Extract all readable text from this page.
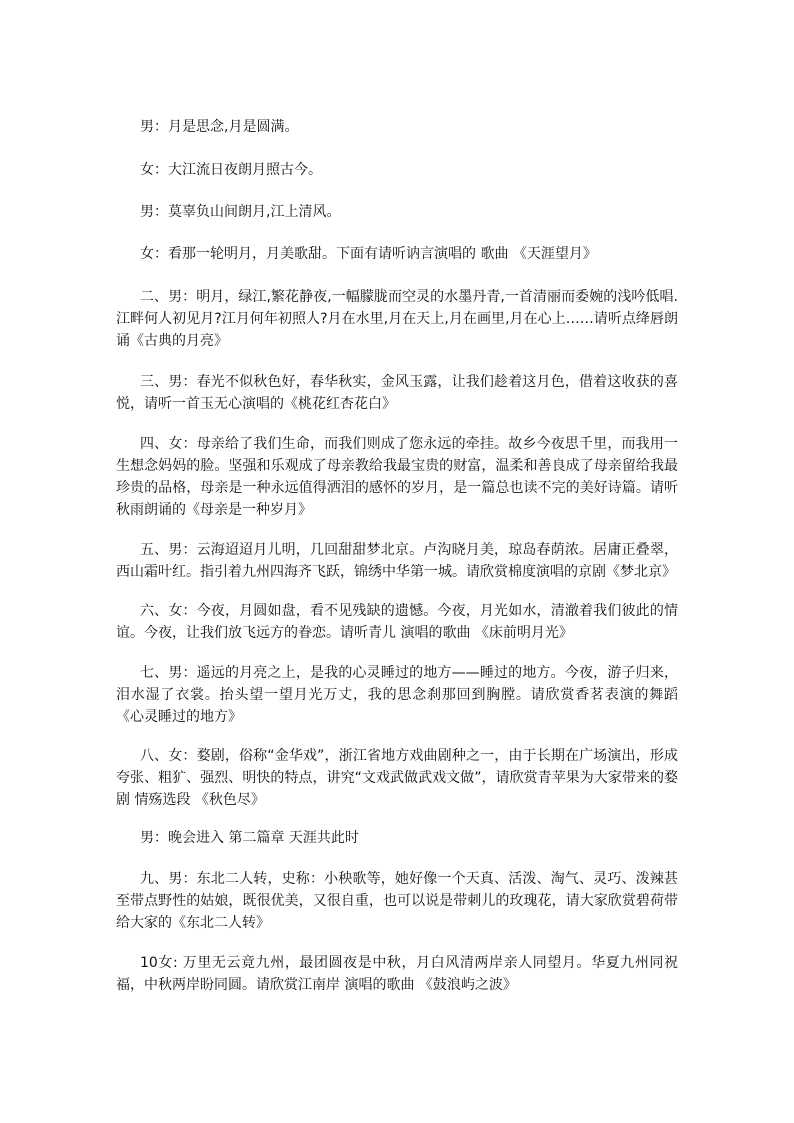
男：月是思念,月是圆满。

女：大江流日夜朗月照古今。

男：莫辜负山间朗月,江上清风。

女：看那一轮明月，月美歌甜。下面有请听讷言演唱的 歌曲 《天涯望月》

二、男：明月，绿江,繁花静夜,一幅朦胧而空灵的水墨丹青,一首清丽而委婉的浅吟低唱.江畔何人初见月?江月何年初照人?月在水里,月在天上,月在画里,月在心上……请听点绛唇朗诵《古典的月亮》

三、男：春光不似秋色好，春华秋实，金风玉露，让我们趁着这月色，借着这收获的喜悦，请听一首玉无心演唱的《桃花红杏花白》

四、女：母亲给了我们生命，而我们则成了您永远的牵挂。故乡今夜思千里，而我用一生想念妈妈的脸。坚强和乐观成了母亲教给我最宝贵的财富，温柔和善良成了母亲留给我最珍贵的品格，母亲是一种永远值得洒泪的感怀的岁月，是一篇总也读不完的美好诗篇。请听秋雨朗诵的《母亲是一种岁月》

五、男：云海迢迢月儿明，几回甜甜梦北京。卢沟晓月美，琼岛春荫浓。居庸正叠翠，西山霜叶红。指引着九州四海齐飞跃，锦绣中华第一城。请欣赏棉度演唱的京剧《梦北京》

六、女：今夜，月圆如盘，看不见残缺的遗憾。今夜，月光如水，清澈着我们彼此的情谊。今夜，让我们放飞远方的眷恋。请听青儿 演唱的歌曲 《床前明月光》

七、男：遥远的月亮之上，是我的心灵睡过的地方——睡过的地方。今夜，游子归来，泪水湿了衣裳。抬头望一望月光万丈，我的思念刹那回到胸膛。请欣赏香茗表演的舞蹈 《心灵睡过的地方》

八、女：婺剧，俗称“金华戏”，浙江省地方戏曲剧种之一，由于长期在广场演出，形成夸张、粗犷、强烈、明快的特点，讲究“文戏武做武戏文做”，请欣赏青苹果为大家带来的婺剧 情殇选段 《秋色尽》

男：晚会进入 第二篇章 天涯共此时

九、男：东北二人转，史称：小秧歌等，她好像一个天真、活泼、淘气、灵巧、泼辣甚至带点野性的姑娘，既很优美，又很自重，也可以说是带刺儿的玫瑰花，请大家欣赏碧荷带给大家的《东北二人转》

10女: 万里无云竟九州，最团圆夜是中秋，月白风清两岸亲人同望月。华夏九州同祝福，中秋两岸盼同圆。请欣赏江南岸 演唱的歌曲 《鼓浪屿之波》
